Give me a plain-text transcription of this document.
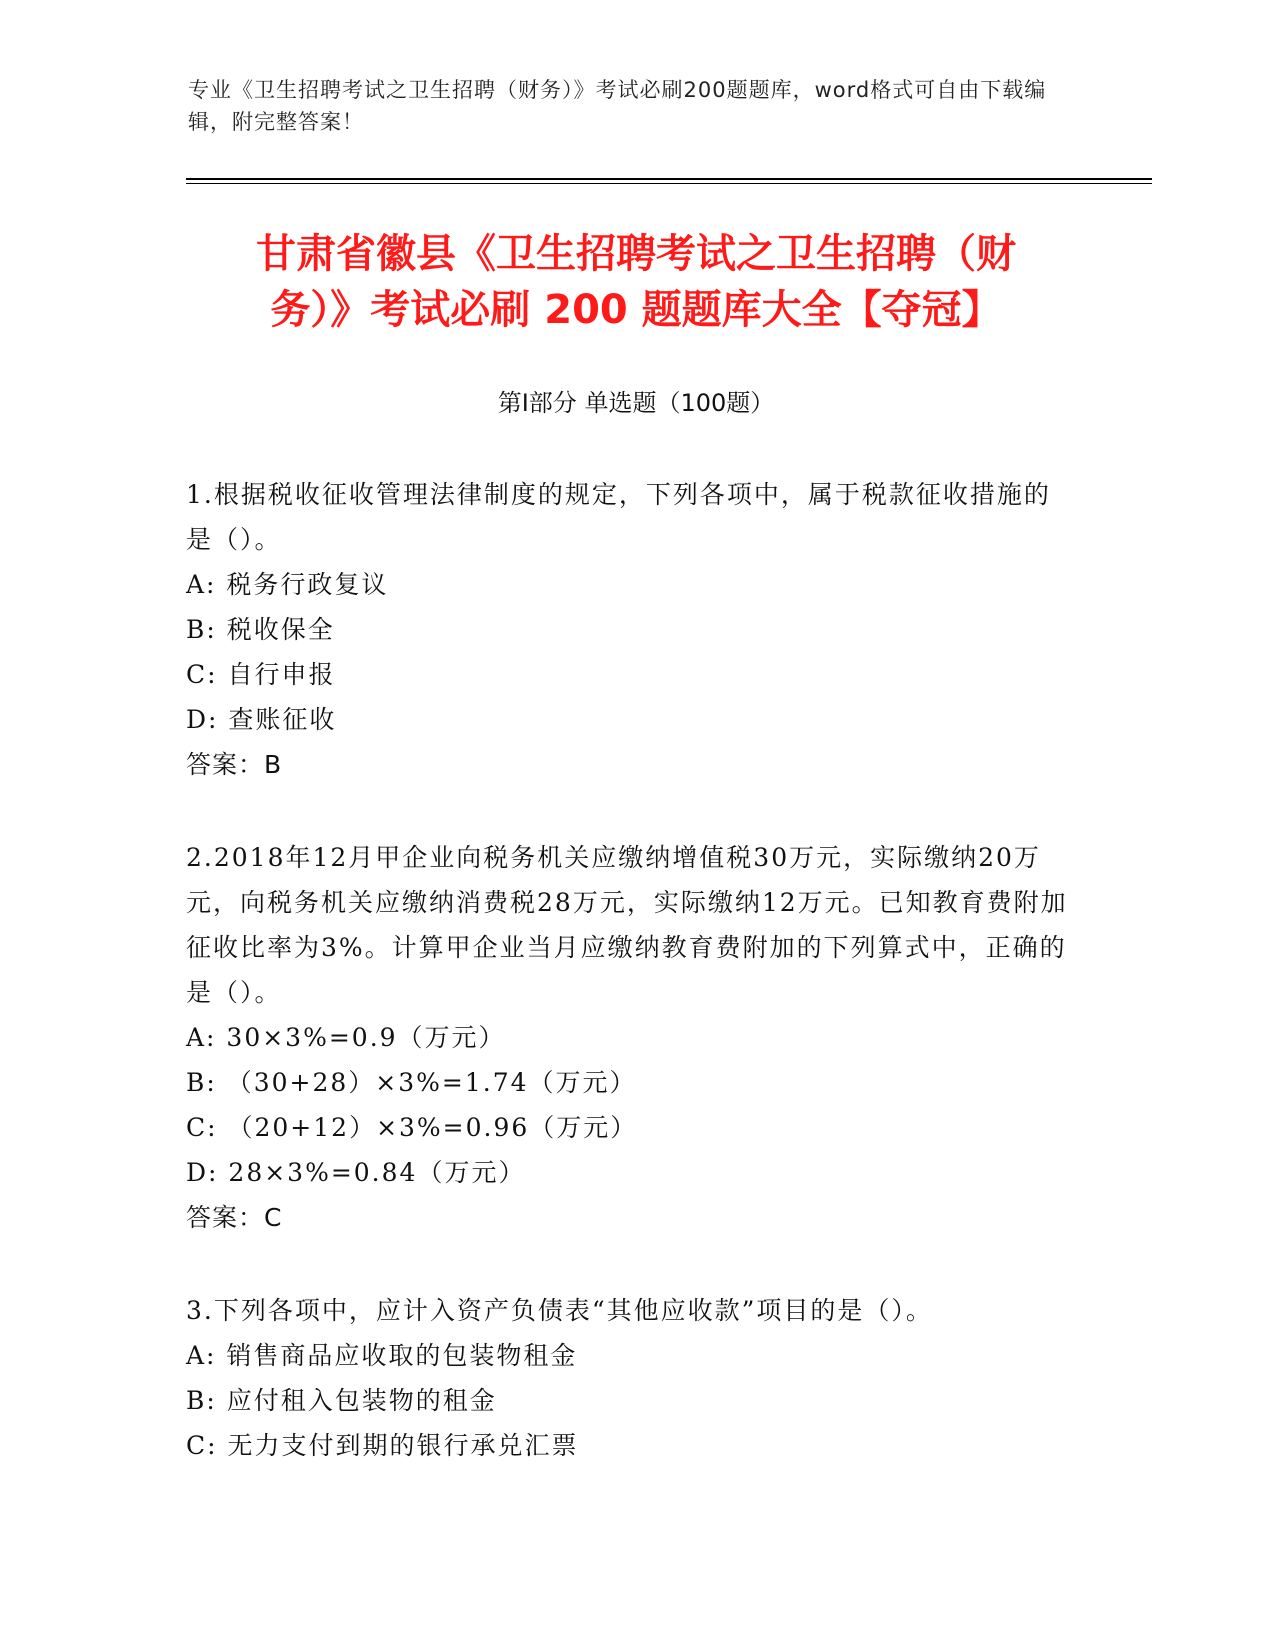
专业《卫生招聘考试之卫生招聘（财务）》考试必刷200题题库，word格式可自由下载编辑，附完整答案！
甘肃省徽县《卫生招聘考试之卫生招聘（财
务）》考试必刷 200 题题库大全【夺冠】
第Ⅰ部分 单选题（100题）
1.根据税收征收管理法律制度的规定，下列各项中，属于税款征收措施的是（）。
A: 税务行政复议
B: 税收保全
C: 自行申报
D: 查账征收
答案：B
2.2018年12月甲企业向税务机关应缴纳增值税30万元，实际缴纳20万元，向税务机关应缴纳消费税28万元，实际缴纳12万元。已知教育费附加征收比率为3%。计算甲企业当月应缴纳教育费附加的下列算式中，正确的是（）。
A: 30×3%=0.9（万元）
B: （30+28）×3%=1.74（万元）
C: （20+12）×3%=0.96（万元）
D: 28×3%=0.84（万元）
答案：C
3.下列各项中，应计入资产负债表“其他应收款”项目的是（）。
A: 销售商品应收取的包装物租金
B: 应付租入包装物的租金
C: 无力支付到期的银行承兑汇票
